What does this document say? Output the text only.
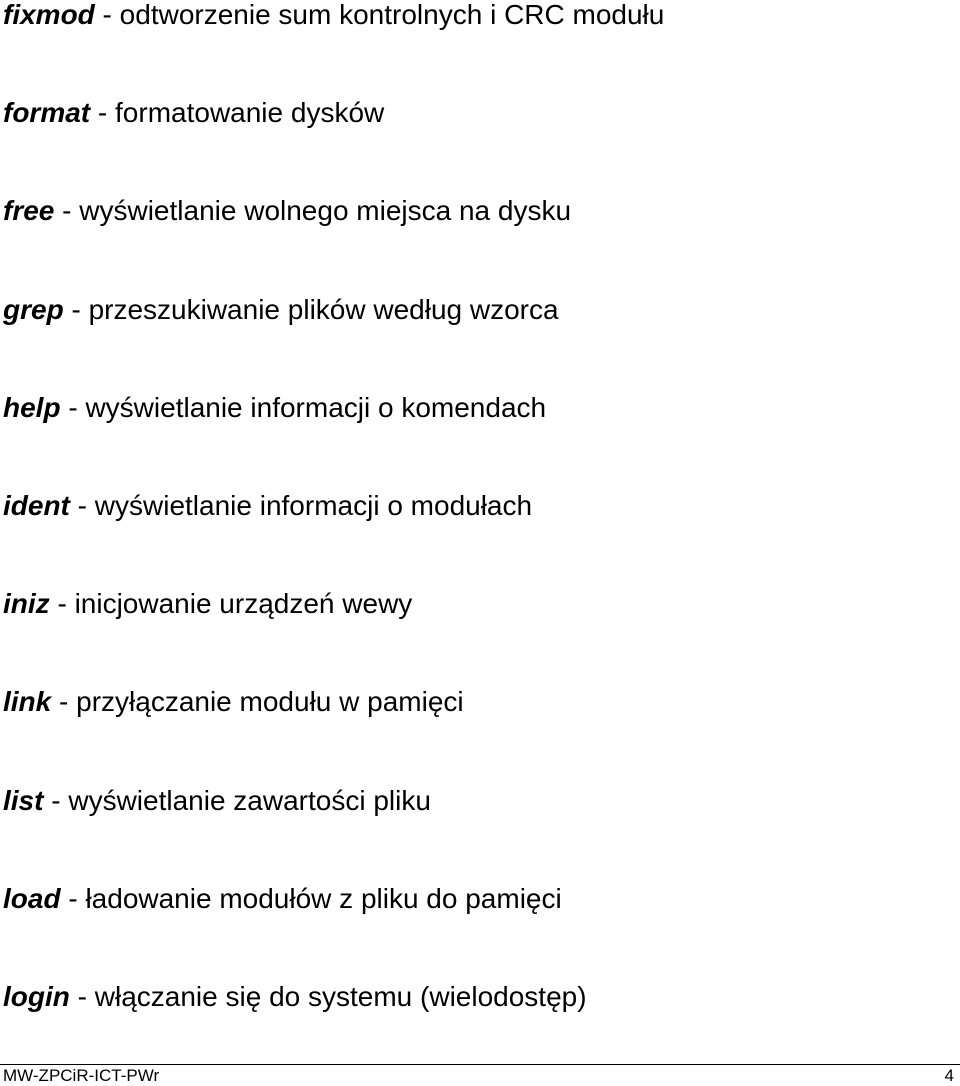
fixmod - odtworzenie sum kontrolnych i CRC modułu
format - formatowanie dysków
free - wyświetlanie wolnego miejsca na dysku
grep - przeszukiwanie plików według wzorca
help - wyświetlanie informacji o komendach
ident - wyświetlanie informacji o modułach
iniz - inicjowanie urządzeń wewy
link - przyłączanie modułu w pamięci
list - wyświetlanie zawartości pliku
load - ładowanie modułów z pliku do pamięci
login - włączanie się do systemu (wielodostęp)
MW-ZPCiR-ICT-PWr	4
